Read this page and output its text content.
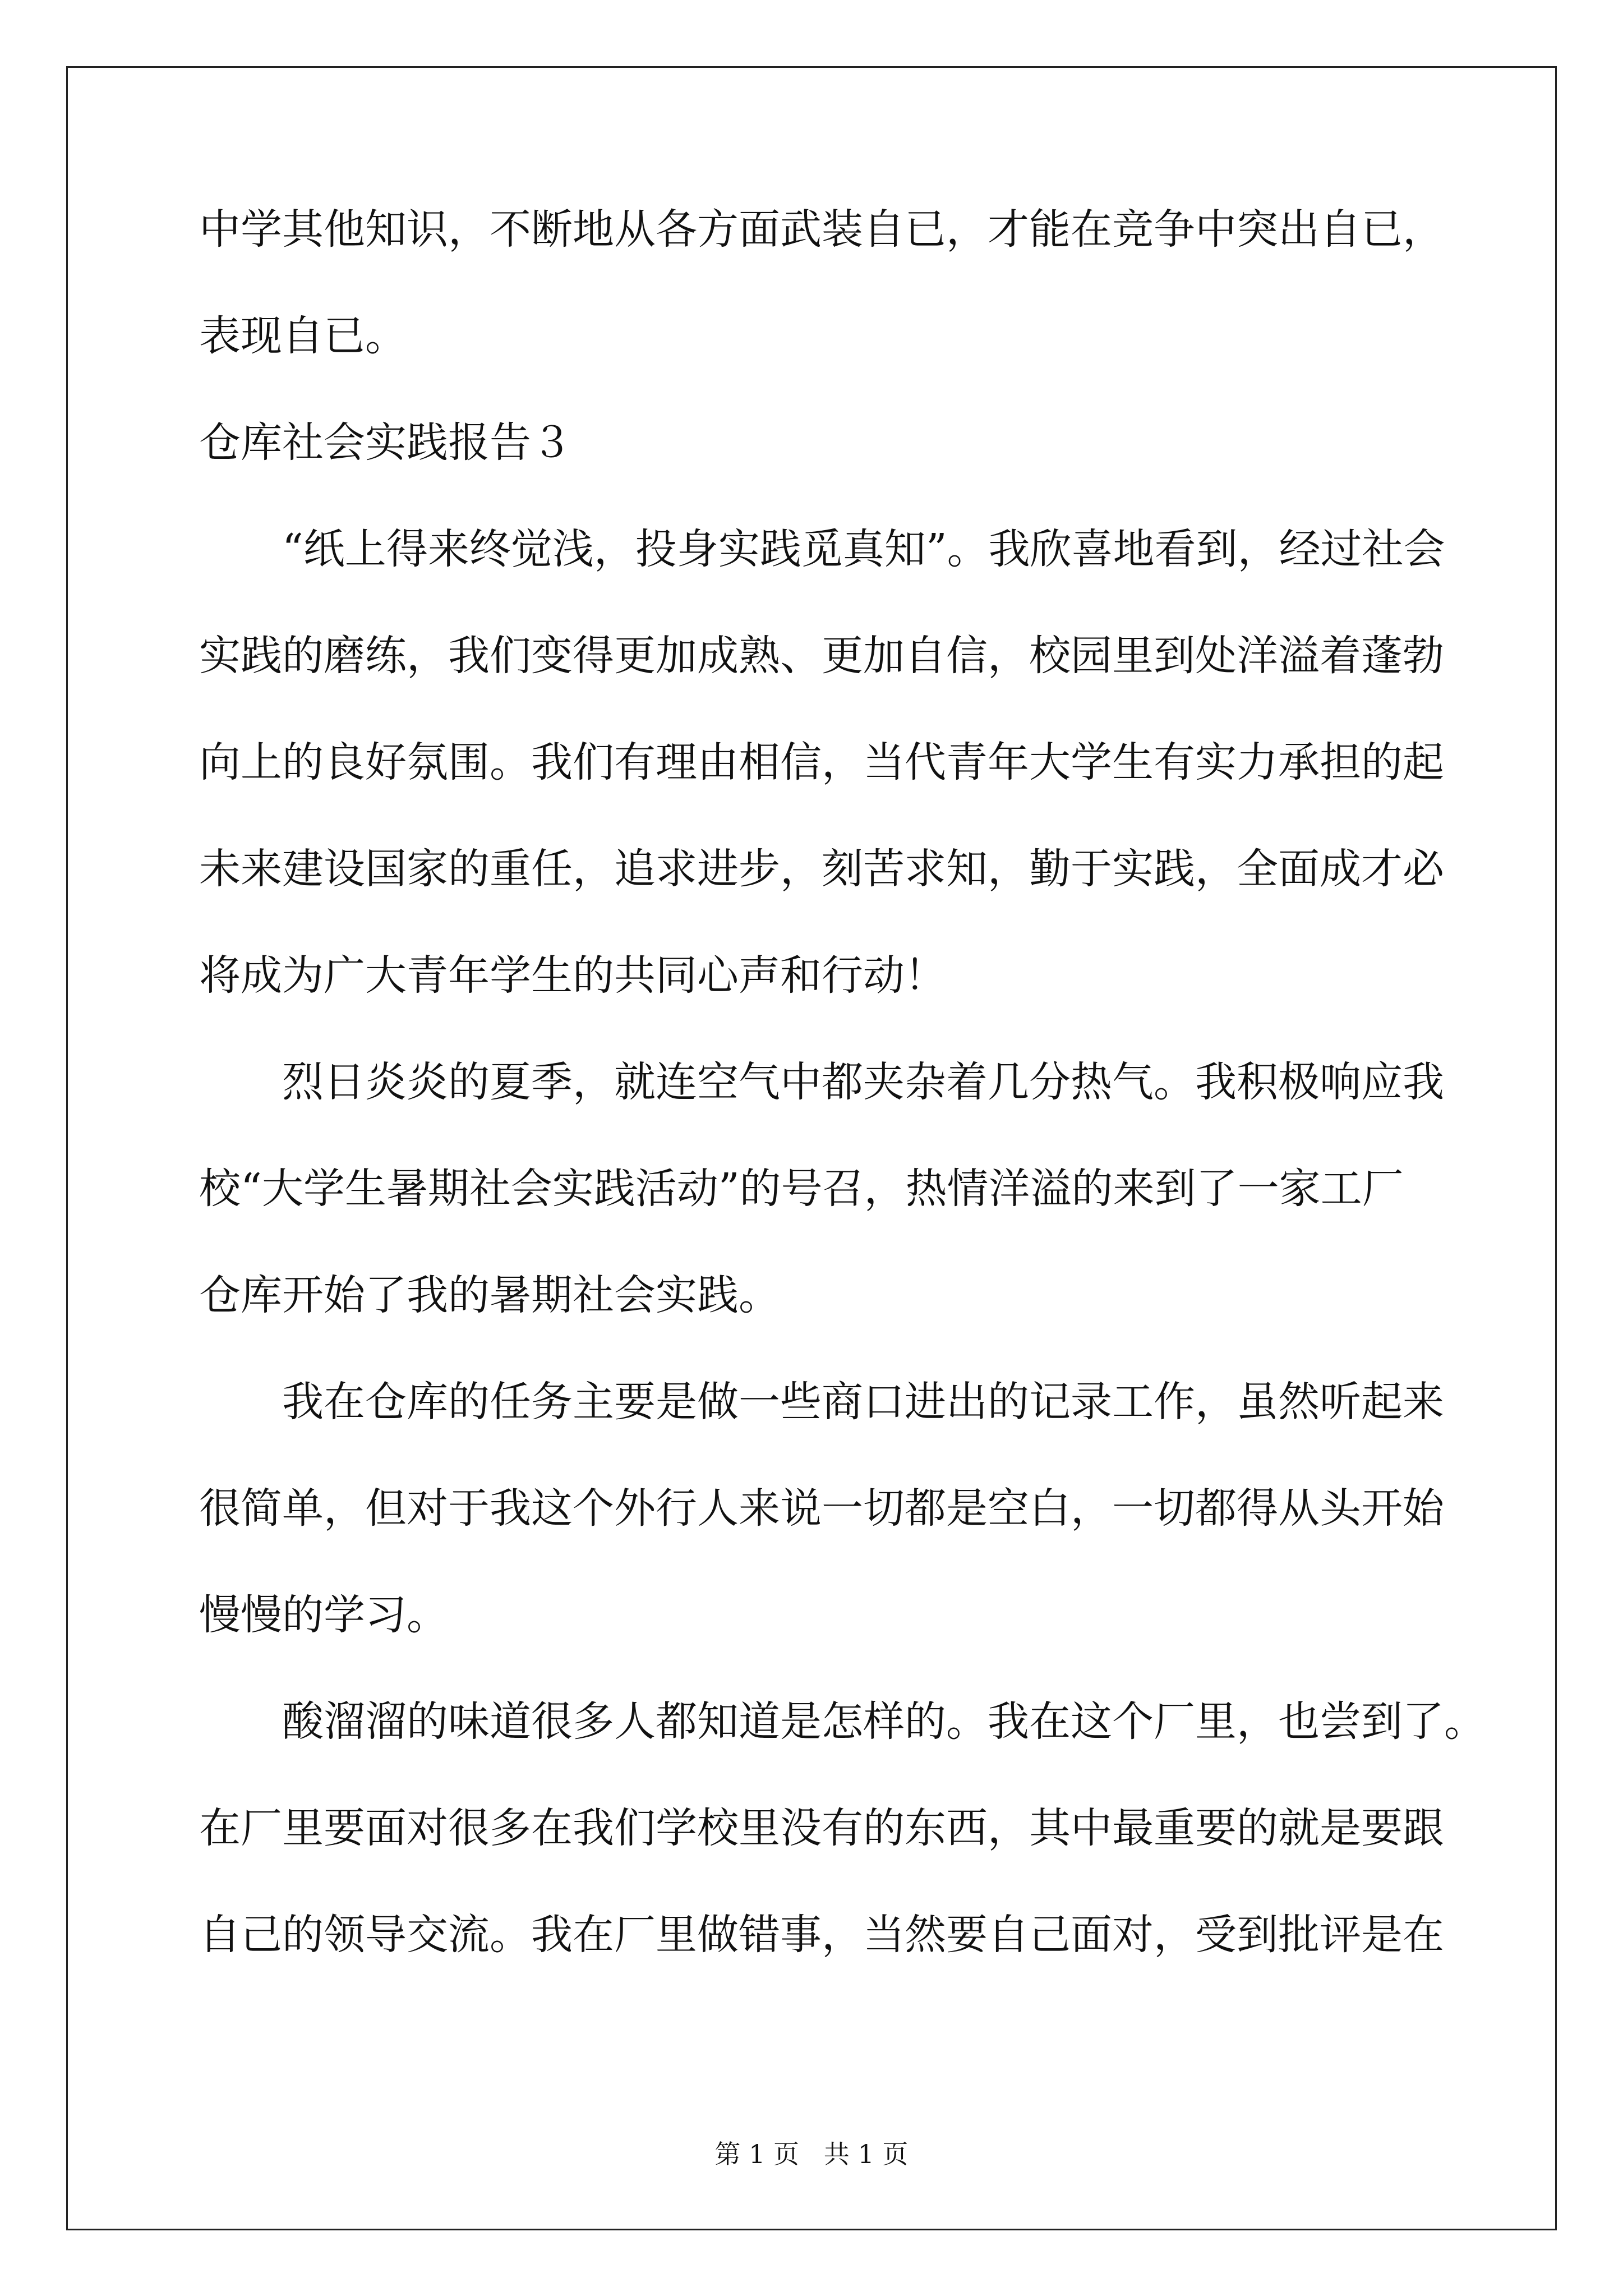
中学其他知识，不断地从各方面武装自已，才能在竞争中突出自已，
表现自已。
仓库社会实践报告３
“纸上得来终觉浅，投身实践觅真知”。我欣喜地看到，经过社会
实践的磨练，我们变得更加成熟、更加自信，校园里到处洋溢着蓬勃
向上的良好氛围。我们有理由相信，当代青年大学生有实力承担的起
未来建设国家的重任，追求进步，刻苦求知，勤于实践，全面成才必
将成为广大青年学生的共同心声和行动！
烈日炎炎的夏季，就连空气中都夹杂着几分热气。我积极响应我
校“大学生暑期社会实践活动”的号召，热情洋溢的来到了一家工厂
仓库开始了我的暑期社会实践。
我在仓库的任务主要是做一些商口进出的记录工作，虽然听起来
很简单，但对于我这个外行人来说一切都是空白，一切都得从头开始
慢慢的学习。
酸溜溜的味道很多人都知道是怎样的。我在这个厂里，也尝到了。
在厂里要面对很多在我们学校里没有的东西，其中最重要的就是要跟
自己的领导交流。我在厂里做错事，当然要自己面对，受到批评是在
第 1 页   共 1 页
